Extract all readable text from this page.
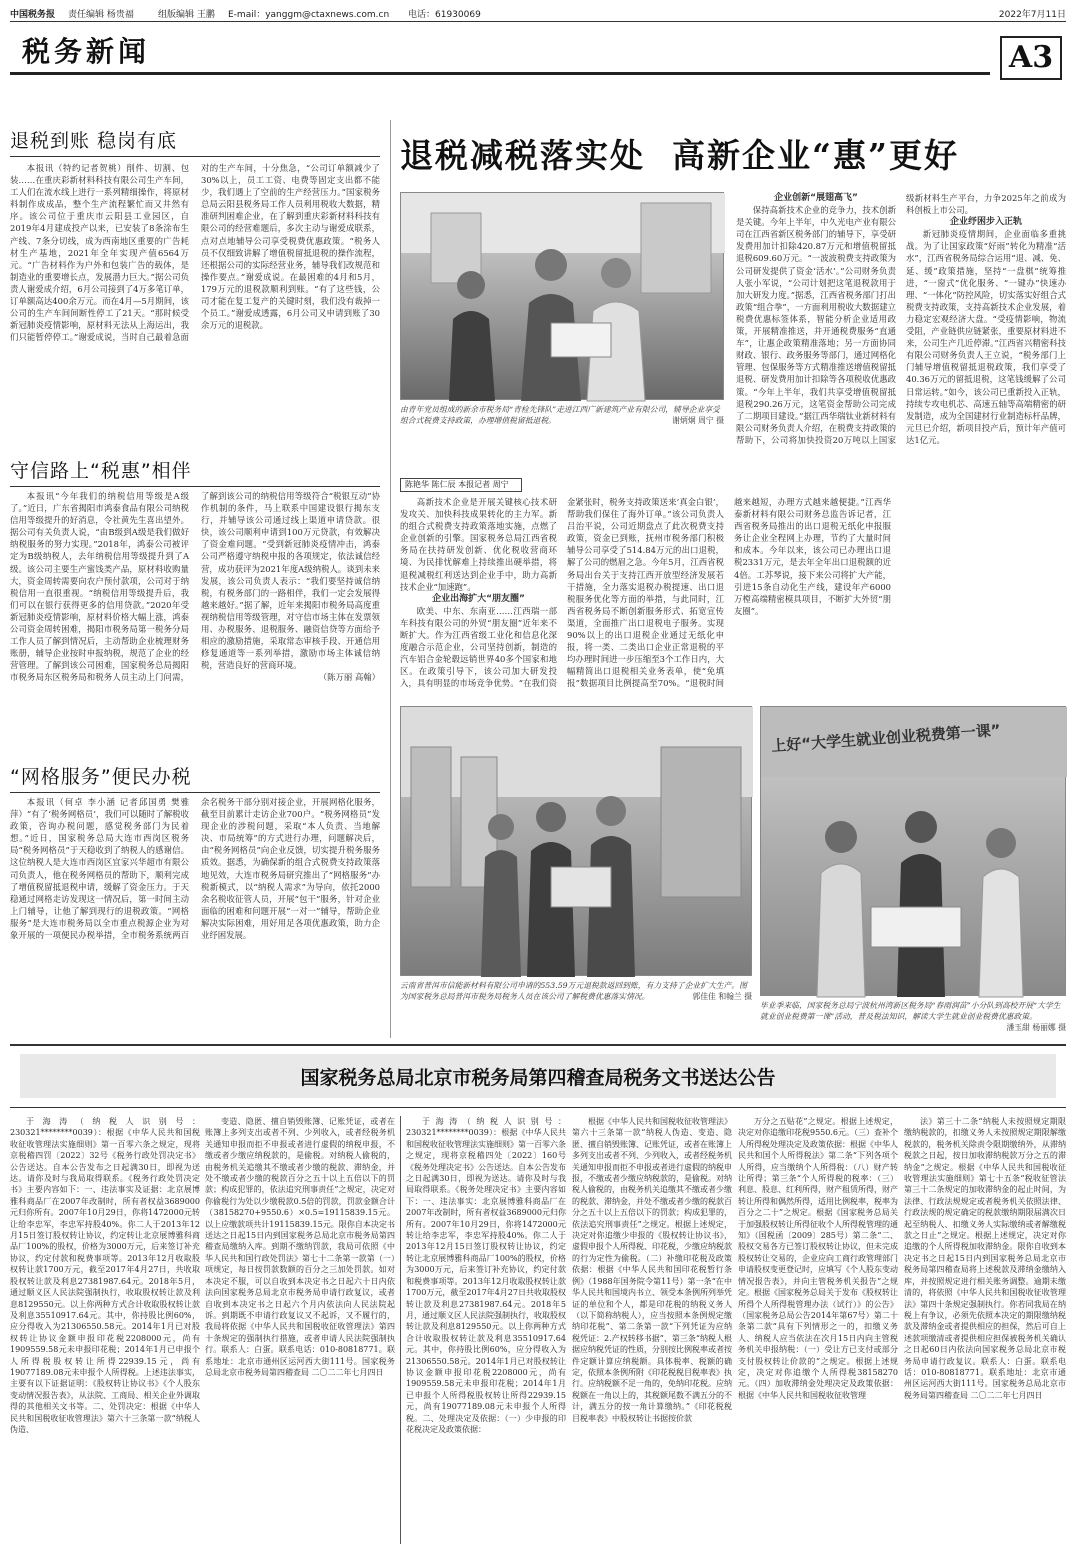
中国税务报 责任编辑 杨贵福	组版编辑 王鹏 E-mail：yanggm@ctaxnews.com.cn 电话：61930069	2022年7月11日
税务新闻	A3
退税到账 稳岗有底

本报讯（特约记者贺桃）削件、切割、包装……在重庆彩新材料科技有限公司生产车间，工人们在流水线上进行一系列精细操作，将原材料制作成成品，整个生产流程繁忙而又井然有序。该公司位于重庆市云阳县工业园区，自2019年4月建成投产以来，已安装了8条涂布生产线、7条分切线，成为西南地区重要的广告耗材生产基地，2021年全年实现产值6564万元。“广告材料作为户外和包装广告的载体，是制造业的重要增长点，发展潜力巨大。”据公司负责人谢爱成介绍，6月公司接到了4万多笔订单，订单额高达400余万元。而在4月—5月期间，该公司的生产车间间断性停工了21天。“那时候受新冠肺炎疫情影响，原材料无法从上海运出，我们只能暂停停工。”谢爱成说，当时自己最着急面对的生产车间，十分焦急，“公司订单额减少了30%以上，员工工资、电费等固定支出都不能少，我们遇上了空前的生产经营压力。”国家税务总局云阳县税务局工作人员利用税收大数据，精准研判困难企业，在了解到重庆彩新材料科技有限公司的经营难题后，多次主动与谢爱成联系，点对点地辅导公司享受税费优惠政策。“税务人员不仅细致讲解了增值税留抵退税的操作流程，还根据公司的实际经营业务，辅导我们改规范和操作要点。”谢爱成说。在最困难的4月和5月，179万元的退税款顺利到账。“有了这些钱，公司才能在复工复产的关键时刻，我们没有裁掉一个员工。”谢爱成透露，6月公司又申请到账了30余万元的退税款。

守信路上“税惠”相伴

本报讯“今年我们的纳税信用等级是A级了。”近日，广东省揭阳市鸿泰食品有限公司纳税信用等级提升的好消息，令社黄先生喜出望外。据公司有关负责人说，“由B级到A级是我们做好纳税服务的努力实现。”2018年，鸿泰公司被评定为B级纳税人，去年纳税信用等级提升到了A级。该公司主要生产蜜饯类产品，原材料收购量大，资金周转需要向农户预付款项，公司对于纳税信用一直很重视。“纳税信用等级提升后，我们可以在银行获得更多的信用贷款。”2020年受新冠肺炎疫情影响，原材料价格大幅上涨，鸿泰公司资金周转困难，揭阳市税务局第一税务分局工作人员了解到情况后，主动帮助企业梳理财务账册，辅导企业按时申报纳税，规范了企业的经营管理。了解到该公司困难，国家税务总局揭阳市税务局东区税务局和税务人员主动上门问需，了解到该公司的纳税信用等级符合“税银互动”协作机制的条件，马上联系中国建设银行揭东支行，并辅导该公司通过线上渠道申请贷款。很快，该公司顺利申请到100万元贷款，有效解决了资金难问题。“受到新冠肺炎疫情冲击，鸿泰公司严格遵守纳税申报的各项规定，依法诚信经营，成功获评为2021年度A级纳税人。谈到未来发展，该公司负责人表示：“我们要坚持诚信纳税，有税务部门的一路相伴，我们一定会发展得越来越好。”据了解，近年来揭阳市税务局高度重视纳税信用等级管理，对守信市场主体在发票领用、办税服务、退税服务、融资信贷等方面给予相应的激励措施，采取常态审核手段、开通信用修复通道等一系列举措，激励市场主体诚信纳税，营造良好的营商环境。

（陈万丽 高翰）

“网格服务”便民办税

本报讯（何卓 李小涵 记者邱国勇 樊雅萍）“有了‘税务网格员’，我们可以随时了解税收政策，咨询办税问题，感觉税务部门为民着想。”近日，国家税务总局大连市西岗区税务局“税务网格员”于天稳收到了纳税人的感谢信。这位纳税人是大连市西岗区宜家兴华超市有限公司负责人，他在税务网格员的帮助下，顺利完成了增值税留抵退税申请，缓解了资金压力。于天稳通过网格走访发现这一情况后，第一时间主动上门辅导，让他了解到现行的退税政策。“网格服务”是大连市税务局以全市重点税源企业为对象开展的一项便民办税举措，全市税务系统两百余名税务干部分别对接企业，开展网格化服务，截至目前累计走访企业700户。“税务网格员”发现企业的涉税问题，采取“本人负责、当地解决、市局统筹”的方式进行办理，问题解决后，由“税务网格员”向企业反馈，切实提升税务服务质效。据悉，为确保新的组合式税费支持政策落地见效，大连市税务局研究推出了“网格服务”办税新模式，以“纳税人需求”为导向，依托2000余名税收征管人员，开展“包干”服务，针对企业面临的困难和问题开展“一对一”辅导，帮助企业解决实际困难，用好用足各项优惠政策，助力企业纾困发展。

退税减税落实处  高新企业“惠”更好
由青年党员组成的新余市税务局“青检先锋队”走进江西广新建筑产业有限公司，辅导企业享受组合式税费支持政策，办理增值税留抵退税。	谢炳炯 周宁 摄
陈艳华 陈仁辰 本报记者 周宁

高新技术企业是开展关键核心技术研发攻关、加快科技成果转化的主力军。新的组合式税费支持政策落地实施，点燃了企业创新的引擎。国家税务总局江西省税务局在扶持研发创新、优化税收营商环境、为民排忧解难上持续推出硬举措，将退税减税红利送达到企业手中，助力高新技术企业“加速跑”。

企业出海扩大“朋友圈”

欧美、中东、东南亚……江西瑞一部车科技有限公司的外贸“朋友圈”近年来不断扩大。作为江西省级工业化和信息化深度融合示范企业，公司坚持创新，制造的汽车铝合金轮毂远销世界40多个国家和地区。在政策引导下，该公司加大研发投入，具有明显的市场竞争优势。“在我们资金紧张时，税务支持政策送来‘真金白银’，帮助我们保住了海外订单。”该公司负责人吕治平说，公司近期盘点了此次税费支持政策，资金已到账，抚州市税务部门积极辅导公司享受了514.84万元的出口退税，解了公司的燃眉之急。今年5月，江西省税务局出台关于支持江西开放型经济发展若干措施，全力落实退税办税提速、出口退税服务优化等方面的举措，与此同时，江西省税务局不断创新服务形式、拓宽宣传渠道，全面推广出口退税电子服务。实现90%以上的出口退税企业通过无纸化申报，将一类、二类出口企业正常退税的平均办理时间进一步压缩至3个工作日内，大幅精简出口退税相关业务表单，使“免填报”数据项目比例提高至70%。“退税时间越来越短，办理方式越来越便捷。”江西华泰新材料有限公司财务总监告诉记者，江西省税务局推出的出口退税无纸化申报服务让企业全程网上办理，节约了大量时间和成本。今年以来，该公司已办理出口退税2331万元，是去年全年出口退税额的近4倍。工苏琴说，接下来公司将扩大产能，引进15条自动化生产线，建设年产6000万樘高端精密模具项目，不断扩大外贸“朋友圈”。

企业创新“展翅高飞”

保持高新技术企业的竞争力，技术创新是关键。今年上半年，中久光电产业有限公司在江西省新区税务部门的辅导下，享受研发费用加计扣除420.87万元和增值税留抵退税609.60万元。“一波波税费支持政策为公司研发提供了资金‘活水’。”公司财务负责人张小军说，“公司计划把这笔退税款用于加大研发力度。”据悉，江西省税务部门打出政策“组合拳”，一方面利用税收大数据建立税费优惠标签体系，智能分析企业适用政策，开展精准推送，并开通税费服务“直通车”，让惠企政策精准落地；另一方面协同财政、银行、政务服务等部门，通过网格化管理、包保服务等方式精准推送增值税留抵退税、研发费用加计扣除等各项税收优惠政策。“今年上半年，我们共享受增值税留抵退税290.26万元，这笔资金帮助公司完成了二期项目建设。”据江西华瑞钛业新材料有限公司财务负责人介绍，在税费支持政策的帮助下，公司将加快投资20万吨以上国家级新材料生产平台，力争2025年之前成为科创板上市公司。

企业纾困步入正轨

新冠肺炎疫情期间，企业面临多重挑战。为了让国家政策“好雨”转化为精准“活水”，江西省税务局综合运用“退、减、免、延、缓”政策措施，坚持“一盘棋”统筹推进，“一窗式”优化服务、“一键办”快速办理、“一体化”防控风险，切实落实好组合式税费支持政策，支持高新技术企业发展，着力稳定宏观经济大盘。“受疫情影响，物流受阻，产业链供应链紧张，重要原材料进不来，公司生产几近停滞。”江西省兴精密科技有限公司财务负责人王立说，“税务部门上门辅导增值税留抵退税政策，我们享受了40.36万元的留抵退税，这笔钱缓解了公司日常运转。”如今，该公司已重新投入正轨，持续专攻电机芯、高速五轴等高端精密的研发制造，成为全国建材行业制造标杆品牌，元旦已介绍，新项目投产后，预计年产值可达1亿元。

云南省普洱市信能新材料有限公司申请的553.59万元退税款返回到账，有力支持了企业扩大生产。图为国家税务总局普洱市税务局税务人员在该公司了解税费优惠落实情况。	郭佳佳 和翰兰 摄
上好“大学生就业创业税费第一课”
毕业季来临，国家税务总局宁波杭州湾新区税务局“春雨润苗”小分队到高校开展“大学生就业创业税费第一课”活动，普及税法知识，解读大学生就业创业税费优惠政策。
潘玉甜 杨丽娜 摄
国家税务总局北京市税务局第四稽查局税务文书送达公告

于海涛（纳税人识别号：230321********0039）：根据《中华人民共和国税收征收管理法实施细则》第一百零六条之规定，现将京税稽四罚〔2022〕32号《税务行政处罚决定书》公告送达。自本公告发布之日起满30日，即视为送达。请你及时与我局取得联系。《税务行政处罚决定书》主要内容如下：一、违法事实及证据：北京展博雅科商品厂在2007年改制时，所有者权益3689000元归你所有。2007年10月29日，你将1472000元转让给李忠军，李忠军持股40%。你二人于2013年12月15日签订股权转让协议，约定转让北京展博雅科商品厂100%的股权，价格为3000万元，后来签订补充协议，约定付款和税费事项等。2013年12月收取股权转让款1700万元，截至2017年4月27日，共收取股权转让款及利息27381987.64元。2018年5月，通过顺义区人民法院强制执行，收取股权转让款及利息8129550元。以上你两种方式合计收取股权转让款及利息35510917.64元。其中，你持股比例60%，应分得收入为21306550.58元。2014年1月已对股权转让协议金额申报印花税2208000元，尚有1909559.58元未申报印花税；2014年1月已申报个人所得税股权转让所得22939.15元，尚有19077189.08元未申报个人所得税。上述违法事实，主要有以下证据证明：《股权转让协议书》《个人股东变动情况报告表》，从法院、工商局、相关企业外调取得的其他相关文书等。二、处罚决定：根据《中华人民共和国税收征收管理法》第六十三条第一款“纳税人伪造、

变造、隐匿、擅自销毁账簿、记账凭证，或者在账簿上多列支出或者不列、少列收入，或者经税务机关通知申报而拒不申报或者进行虚假的纳税申报，不缴或者少缴应纳税款的，是偷税。对纳税人偷税的，由税务机关追缴其不缴或者少缴的税款、滞纳金，并处不缴或者少缴的税款百分之五十以上五倍以下的罚款；构成犯罪的，依法追究刑事责任”之规定，决定对你偷税行为处以少缴税款0.5倍的罚款，罚款金额合计（38158270+9550.6）×0.5=19115839.15元。以上应缴款项共计19115839.15元。限你自本决定书送达之日起15日内到国家税务总局北京市税务局第四稽查局缴纳入库。到期不缴纳罚款，我局可依照《中华人民共和国行政处罚法》第七十二条第一款第（一）项规定，每日按罚款数额的百分之三加处罚款。如对本决定不服，可以自收到本决定书之日起六十日内依法向国家税务总局北京市税务局申请行政复议，或者自收到本决定书之日起六个月内依法向人民法院起诉。到期既不申请行政复议又不起诉，又不履行的，我局将依据《中华人民共和国税收征收管理法》第四十条规定的强制执行措施，或者申请人民法院强制执行。联系人：白蛋。联系电话：010-80818771。联系地址：北京市通州区运河西大街111号。国家税务总局北京市税务局第四稽查局 二〇二二年七月四日

于海涛（纳税人识别号：230321********0039）：根据《中华人民共和国税收征收管理法实施细则》第一百零六条之规定，现将京税稽四处〔2022〕160号《税务处理决定书》公告送达。自本公告发布之日起满30日，即视为送达。请你及时与我局取得联系。《税务处理决定书》主要内容如下：一、违法事实：北京展博雅科商品厂在2007年改制时，所有者权益3689000元归你所有。2007年10月29日，你将1472000元转让给李忠军，李忠军持股40%。你二人于2013年12月15日签订股权转让协议，约定转让北京展博雅科商品厂100%的股权，价格为3000万元，后来签订补充协议，约定付款和税费事项等。2013年12月收取股权转让款1700万元，截至2017年4月27日共收取股权转让款及利息27381987.64元。2018年5月，通过顺义区人民法院强制执行，收取股权转让款及利息8129550元。以上你两种方式合计收取股权转让款及利息35510917.64元。其中，你持股比例60%，应分得收入为21306550.58元。2014年1月已对股权转让协议金额申报印花税2208000元，尚有1909559.58元未申报印花税；2014年1月已申报个人所得税股权转让所得22939.15元，尚有19077189.08元未申报个人所得税。二、处理决定及依据：（一）少申报的印花税决定及政策依据：

根据《中华人民共和国税收征收管理法》第六十三条第一款“纳税人伪造、变造、隐匿、擅自销毁账簿、记账凭证，或者在账簿上多列支出或者不列、少列收入，或者经税务机关通知申报而拒不申报或者进行虚假的纳税申报，不缴或者少缴应纳税款的，是偷税。对纳税人偷税的，由税务机关追缴其不缴或者少缴的税款、滞纳金，并处不缴或者少缴的税款百分之五十以上五倍以下的罚款；构成犯罪的，依法追究刑事责任”之规定。根据上述规定，决定对你追缴少申报的《股权转让协议书》，虚假申报个人所得税、印花税，少缴应纳税款的行为定性为偷税。（二）补缴印花税及政策依据：根据《中华人民共和国印花税暂行条例》（1988年国务院令第11号）第一条“在中华人民共和国境内书立、领受本条例所列举凭证的单位和个人，都是印花税的纳税义务人（以下简称纳税人），应当按照本条例规定缴纳印花税”、第二条第一款“下列凭证为应纳税凭证：2.产权转移书据”、第三条“纳税人根据应纳税凭证的性质，分别按比例税率或者按件定额计算应纳税额。具体税率、税额的确定，依照本条例所附《印花税税目税率表》执行。应纳税额不足一角的，免纳印花税。应纳税额在一角以上的，其税额尾数不满五分的不计，满五分的按一角计算缴纳。”《印花税税目税率表》中股权转让书据按价款

万分之五贴花”之规定。根据上述规定，决定对你追缴印花税9550.6元。（三）查补个人所得税处理决定及政策依据：根据《中华人民共和国个人所得税法》第二条“下列各项个人所得，应当缴纳个人所得税：（八）财产转让所得；第三条“个人所得税的税率：（三）利息、股息、红利所得，财产租赁所得，财产转让所得和偶然所得，适用比例税率，税率为百分之二十”之规定。根据《国家税务总局关于加强股权转让所得征收个人所得税管理的通知》（国税函〔2009〕285号）第二条“二、股权交易各方已签订股权转让协议，但未完成股权转让交易的，企业应向工商行政管理部门申请股权变更登记时，应填写《个人股东变动情况报告表》，并向主管税务机关报告”之规定。根据《国家税务总局关于发布《股权转让所得个人所得税管理办法（试行）》的公告》（国家税务总局公告2014年第67号）第二十条第二款“具有下列情形之一的，扣缴义务人、纳税人应当依法在次月15日内向主管税务机关申报纳税：（一）受让方已支付或部分支付股权转让价款的”之规定。根据上述规定，决定对你追缴个人所得税38158270元。（四）加收滞纳金处理决定及政策依据：根据《中华人民共和国税收征收管理

法》第三十二条“纳税人未按照规定期限缴纳税款的，扣缴义务人未按照规定期限解缴税款的，税务机关除责令限期缴纳外，从滞纳税款之日起，按日加收滞纳税款万分之五的滞纳金”之规定。根据《中华人民共和国税收征收管理法实施细则》第七十五条“税收征管法第三十二条规定的加收滞纳金的起止时间，为法律、行政法规规定或者税务机关依照法律、行政法规的规定确定的税款缴纳期限届满次日起至纳税人、扣缴义务人实际缴纳或者解缴税款之日止”之规定。根据上述规定，决定对你追缴的个人所得税加收滞纳金。限你自收到本决定书之日起15日内到国家税务总局北京市税务局第四稽查局将上述税款及滞纳金缴纳入库，并按照规定进行相关账务调整。逾期未缴清的，将依照《中华人民共和国税收征收管理法》第四十条规定强制执行。你若同我局在纳税上有争议，必须先依照本决定的期限缴纳税款及滞纳金或者提供相应的担保，然后可自上述款项缴清或者提供相应担保被税务机关确认之日起60日内依法向国家税务总局北京市税务局申请行政复议。联系人：白蛋。联系电话：010-80818771。联系地址：北京市通州区运河西大街111号。国家税务总局北京市税务局第四稽查局 二〇二二年七月四日
